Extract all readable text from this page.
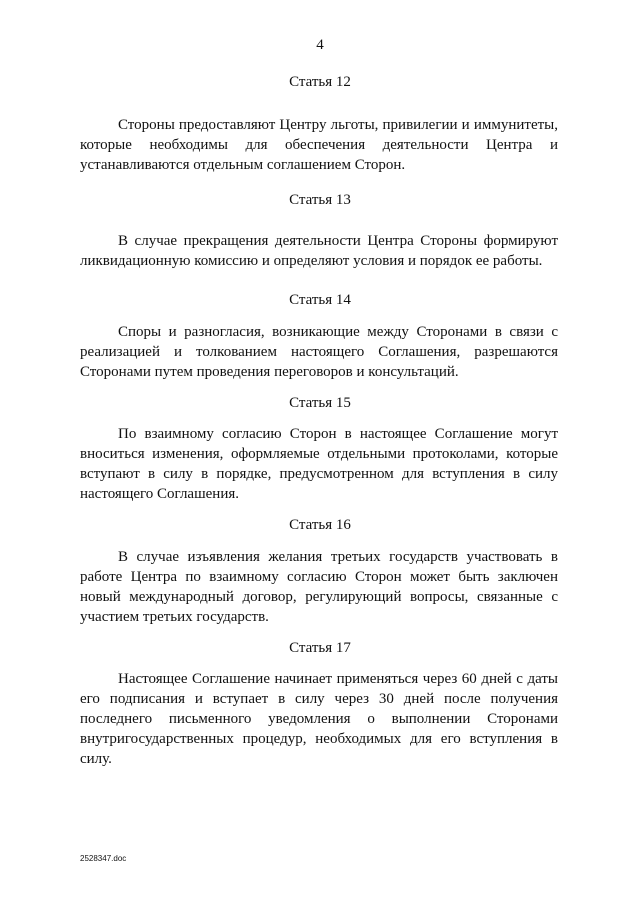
4
Статья 12

Стороны предоставляют Центру льготы, привилегии и иммунитеты, которые необходимы для обеспечения деятельности Центра и устанавливаются отдельным соглашением Сторон.

Статья 13

В случае прекращения деятельности Центра Стороны формируют ликвидационную комиссию и определяют условия и порядок ее работы.

Статья 14

Споры и разногласия, возникающие между Сторонами в связи с реализацией и толкованием настоящего Соглашения, разрешаются Сторонами путем проведения переговоров и консультаций.

Статья 15

По взаимному согласию Сторон в настоящее Соглашение могут вноситься изменения, оформляемые отдельными протоколами, которые вступают в силу в порядке, предусмотренном для вступления в силу настоящего Соглашения.

Статья 16

В случае изъявления желания третьих государств участвовать в работе Центра по взаимному согласию Сторон может быть заключен новый международный договор, регулирующий вопросы, связанные с участием третьих государств.

Статья 17

Настоящее Соглашение начинает применяться через 60 дней с даты его подписания и вступает в силу через 30 дней после получения последнего письменного уведомления о выполнении Сторонами внутригосударственных процедур, необходимых для его вступления в силу.

2528347.doc
